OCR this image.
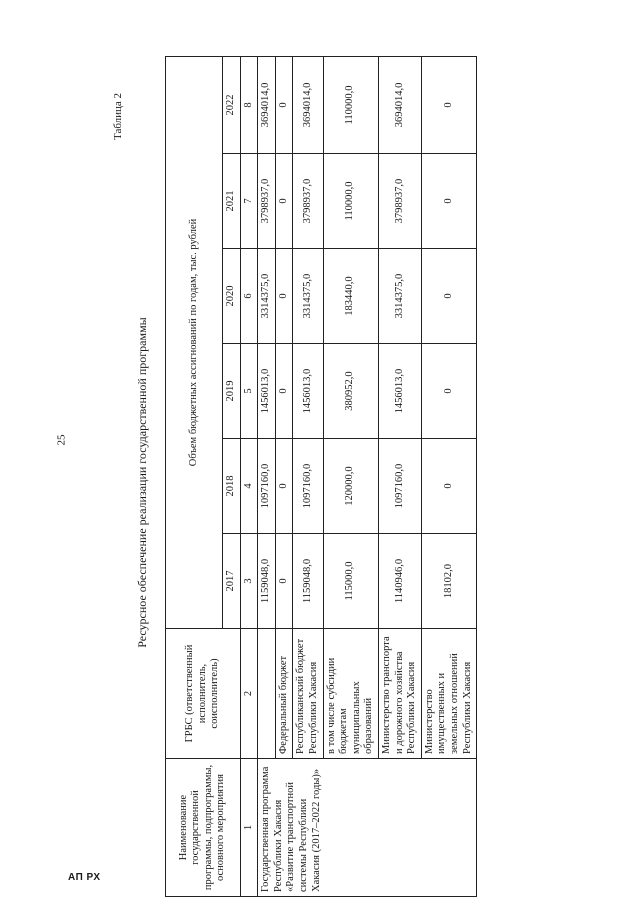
25
АП РХ
Таблица 2
Ресурсное обеспечение реализации государственной программы
Наименование государственной программы, подпрограммы, основного мероприятия	ГРБС (ответственный исполнитель, соисполнитель)	Объем бюджетных ассигнований по годам, тыс. рублей					
		2017	2018	2019	2020	2021	2022
1	2	3	4	5	6	7	8
Государственная программа Республики Хакасия «Развитие транспортной системы Республики Хакасия (2017–2022 годы)»		1159048,0	1097160,0	1456013,0	3314375,0	3798937,0	3694014,0
	Федеральный бюджет	0	0	0	0	0	0
	Республиканский бюджет Республики Хакасия	1159048,0	1097160,0	1456013,0	3314375,0	3798937,0	3694014,0
	в том числе субсидии бюджетам муниципальных образований	115000,0	120000,0	380952,0	183440,0	110000,0	110000,0
	Министерство транспорта и дорожного хозяйства Республики Хакасия	1140946,0	1097160,0	1456013,0	3314375,0	3798937,0	3694014,0
	Министерство имущественных и земельных отношений Республики Хакасия	18102,0	0	0	0	0	0
